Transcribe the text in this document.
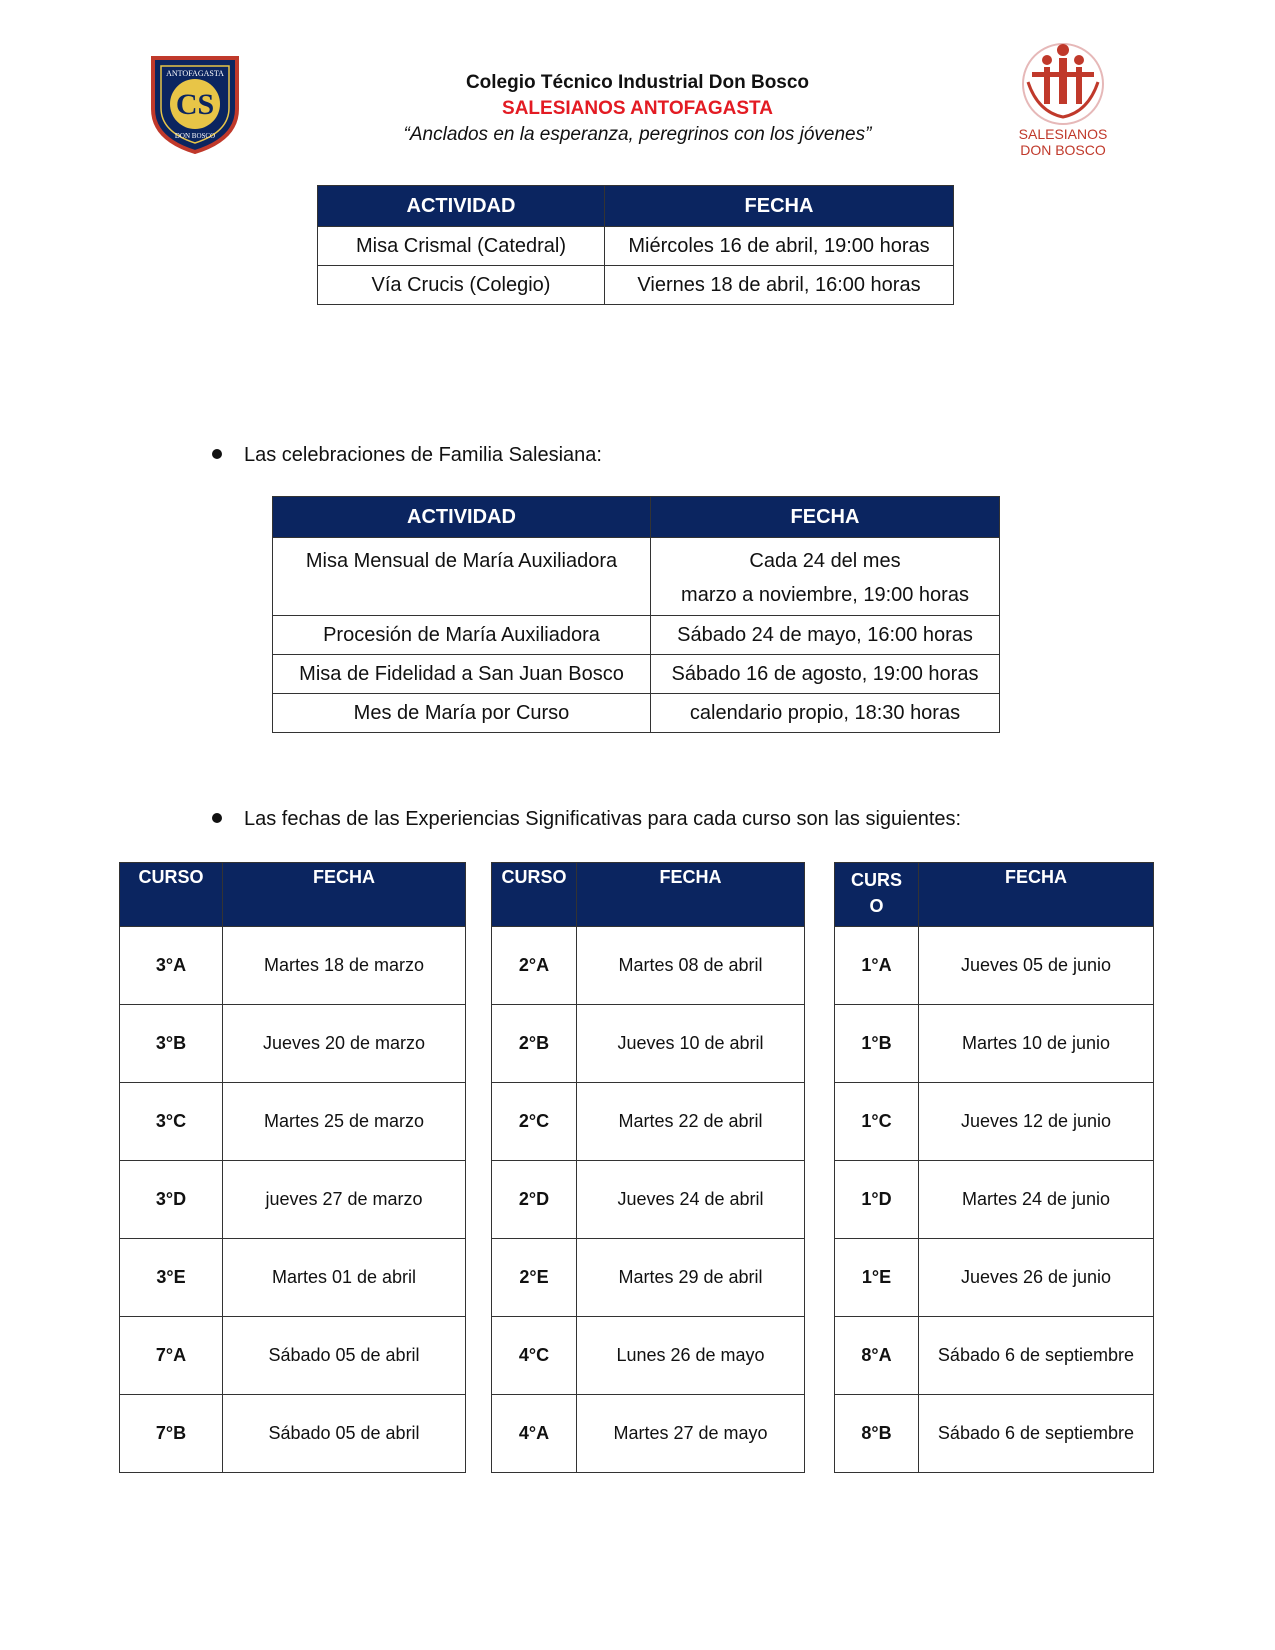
CS
ANTOFAGASTA
DON BOSCO
Colegio Técnico Industrial Don Bosco
SALESIANOS ANTOFAGASTA
“Anclados en la esperanza, peregrinos con los jóvenes”	SALESIANOS
DON BOSCO
ACTIVIDAD	FECHA
Misa Crismal (Catedral)	Miércoles 16 de abril, 19:00 horas
Vía Crucis (Colegio)	Viernes 18 de abril, 16:00 horas
Las celebraciones de Familia Salesiana:
ACTIVIDAD	FECHA
Misa Mensual de María Auxiliadora	Cada 24 del mes
marzo a noviembre, 19:00 horas

Procesión de María Auxiliadora	Sábado 24 de mayo, 16:00 horas
Misa de Fidelidad a San Juan Bosco	Sábado 16 de agosto, 19:00 horas
Mes de María por Curso	calendario propio, 18:30 horas
Las fechas de las Experiencias Significativas para cada curso son las siguientes:
CURSO	FECHA
3°A	Martes 18 de marzo
3°B	Jueves 20 de marzo
3°C	Martes 25 de marzo
3°D	jueves 27 de marzo
3°E	Martes 01 de abril
7°A	Sábado 05 de abril
7°B	Sábado 05 de abril
CURSO	FECHA
2°A	Martes 08 de abril
2°B	Jueves 10 de abril
2°C	Martes 22 de abril
2°D	Jueves 24 de abril
2°E	Martes 29 de abril
4°C	Lunes 26 de mayo
4°A	Martes 27 de mayo
CURS
O	FECHA
1°A	Jueves 05 de junio
1°B	Martes 10 de junio
1°C	Jueves 12 de junio
1°D	Martes 24 de junio
1°E	Jueves 26 de junio
8°A	Sábado 6 de septiembre
8°B	Sábado 6 de septiembre
